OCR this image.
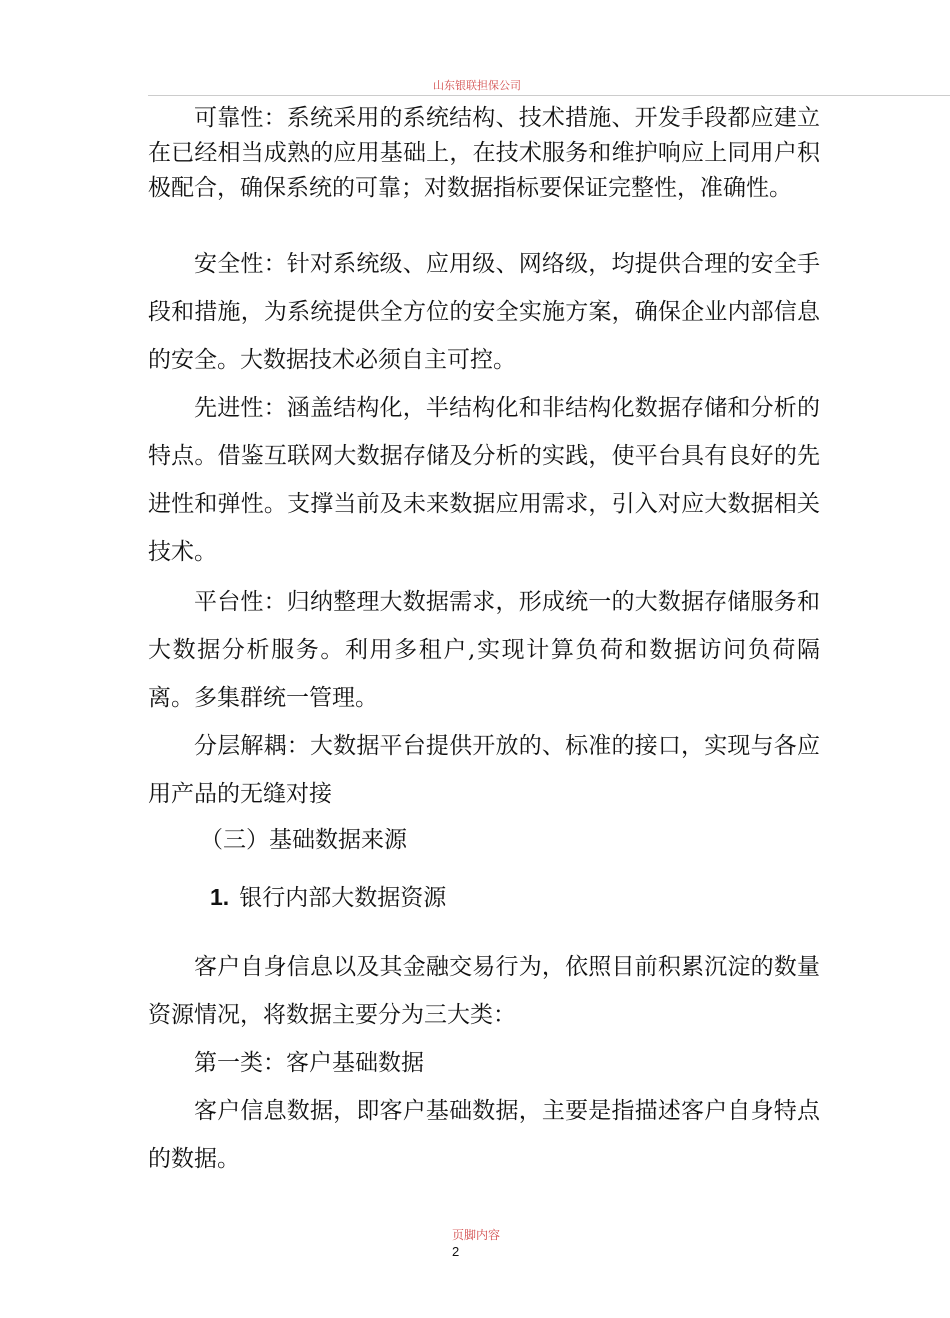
山东银联担保公司

可靠性：系统采用的系统结构、技术措施、开发手段都应建立在已经相当成熟的应用基础上，在技术服务和维护响应上同用户积极配合，确保系统的可靠；对数据指标要保证完整性，准确性。

安全性：针对系统级、应用级、网络级，均提供合理的安全手段和措施，为系统提供全方位的安全实施方案，确保企业内部信息的安全。大数据技术必须自主可控。

先进性：涵盖结构化，半结构化和非结构化数据存储和分析的特点。借鉴互联网大数据存储及分析的实践，使平台具有良好的先进性和弹性。支撑当前及未来数据应用需求，引入对应大数据相关技术。

平台性：归纳整理大数据需求，形成统一的大数据存储服务和大数据分析服务。利用多租户,实现计算负荷和数据访问负荷隔离。多集群统一管理。

分层解耦：大数据平台提供开放的、标准的接口，实现与各应用产品的无缝对接

（三）基础数据来源
1. 银行内部大数据资源

客户自身信息以及其金融交易行为，依照目前积累沉淀的数量资源情况，将数据主要分为三大类：

第一类：客户基础数据

客户信息数据，即客户基础数据，主要是指描述客户自身特点的数据。

页脚内容
2
